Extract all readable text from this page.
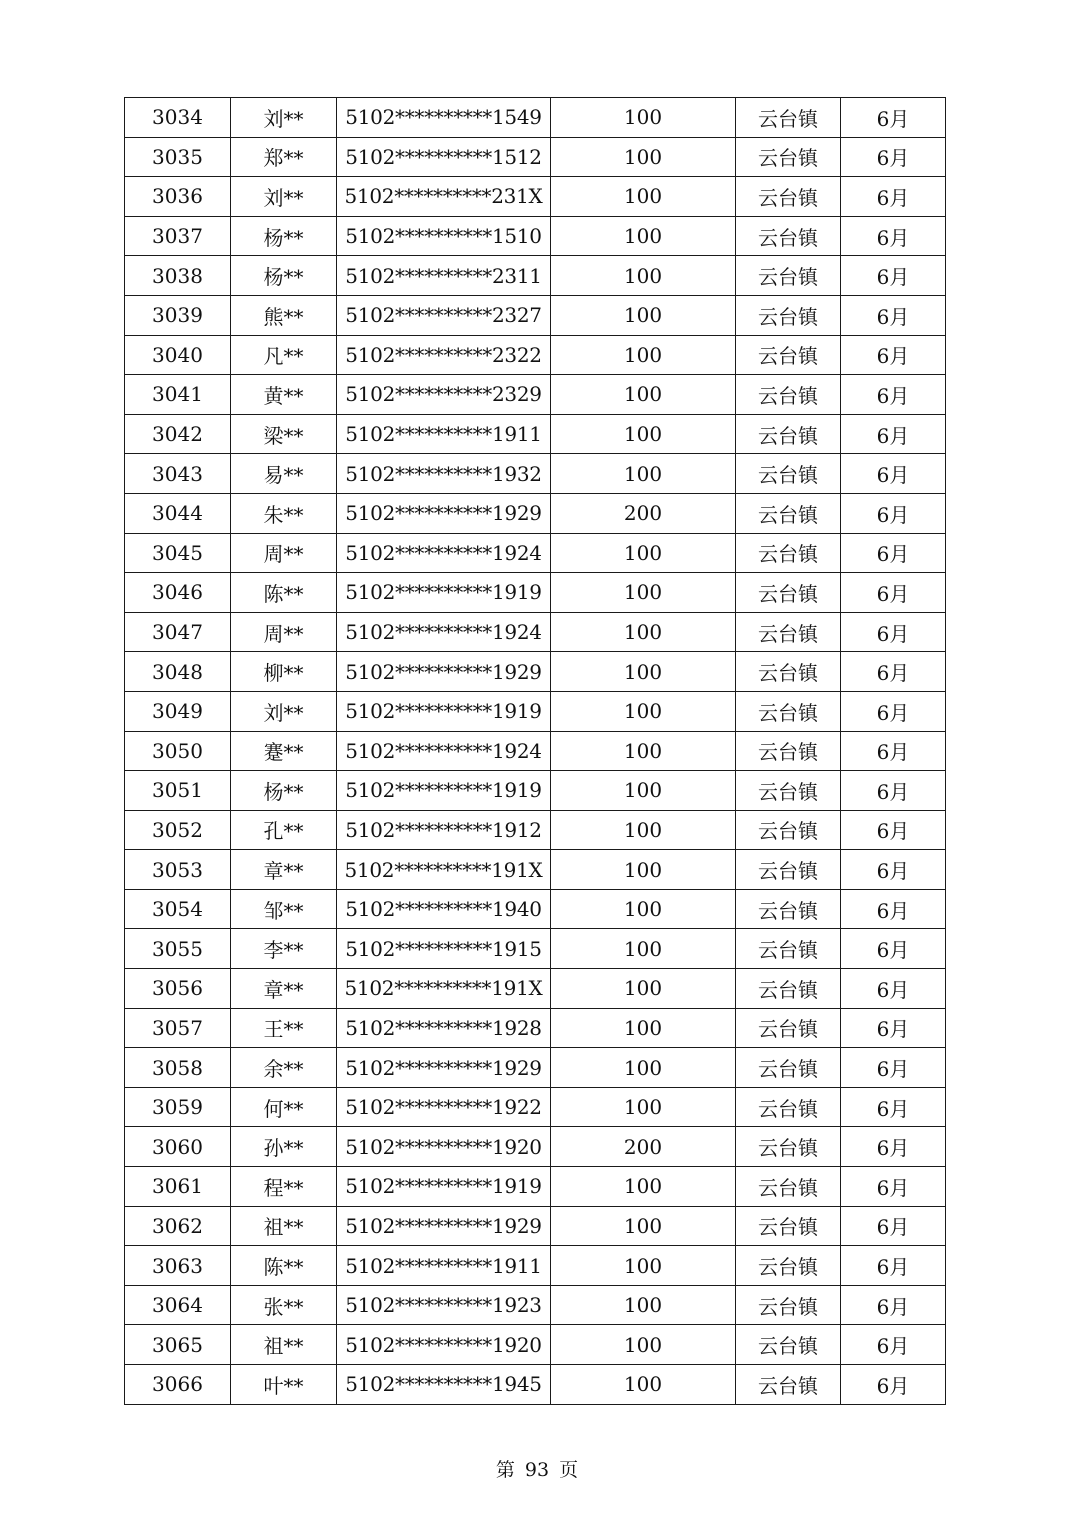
3034	刘**	5102**********1549	100	云台镇	6月
3035	郑**	5102**********1512	100	云台镇	6月
3036	刘**	5102**********231X	100	云台镇	6月
3037	杨**	5102**********1510	100	云台镇	6月
3038	杨**	5102**********2311	100	云台镇	6月
3039	熊**	5102**********2327	100	云台镇	6月
3040	凡**	5102**********2322	100	云台镇	6月
3041	黄**	5102**********2329	100	云台镇	6月
3042	梁**	5102**********1911	100	云台镇	6月
3043	易**	5102**********1932	100	云台镇	6月
3044	朱**	5102**********1929	200	云台镇	6月
3045	周**	5102**********1924	100	云台镇	6月
3046	陈**	5102**********1919	100	云台镇	6月
3047	周**	5102**********1924	100	云台镇	6月
3048	柳**	5102**********1929	100	云台镇	6月
3049	刘**	5102**********1919	100	云台镇	6月
3050	蹇**	5102**********1924	100	云台镇	6月
3051	杨**	5102**********1919	100	云台镇	6月
3052	孔**	5102**********1912	100	云台镇	6月
3053	章**	5102**********191X	100	云台镇	6月
3054	邹**	5102**********1940	100	云台镇	6月
3055	李**	5102**********1915	100	云台镇	6月
3056	章**	5102**********191X	100	云台镇	6月
3057	王**	5102**********1928	100	云台镇	6月
3058	余**	5102**********1929	100	云台镇	6月
3059	何**	5102**********1922	100	云台镇	6月
3060	孙**	5102**********1920	200	云台镇	6月
3061	程**	5102**********1919	100	云台镇	6月
3062	祖**	5102**********1929	100	云台镇	6月
3063	陈**	5102**********1911	100	云台镇	6月
3064	张**	5102**********1923	100	云台镇	6月
3065	祖**	5102**********1920	100	云台镇	6月
3066	叶**	5102**********1945	100	云台镇	6月
第 93 页
